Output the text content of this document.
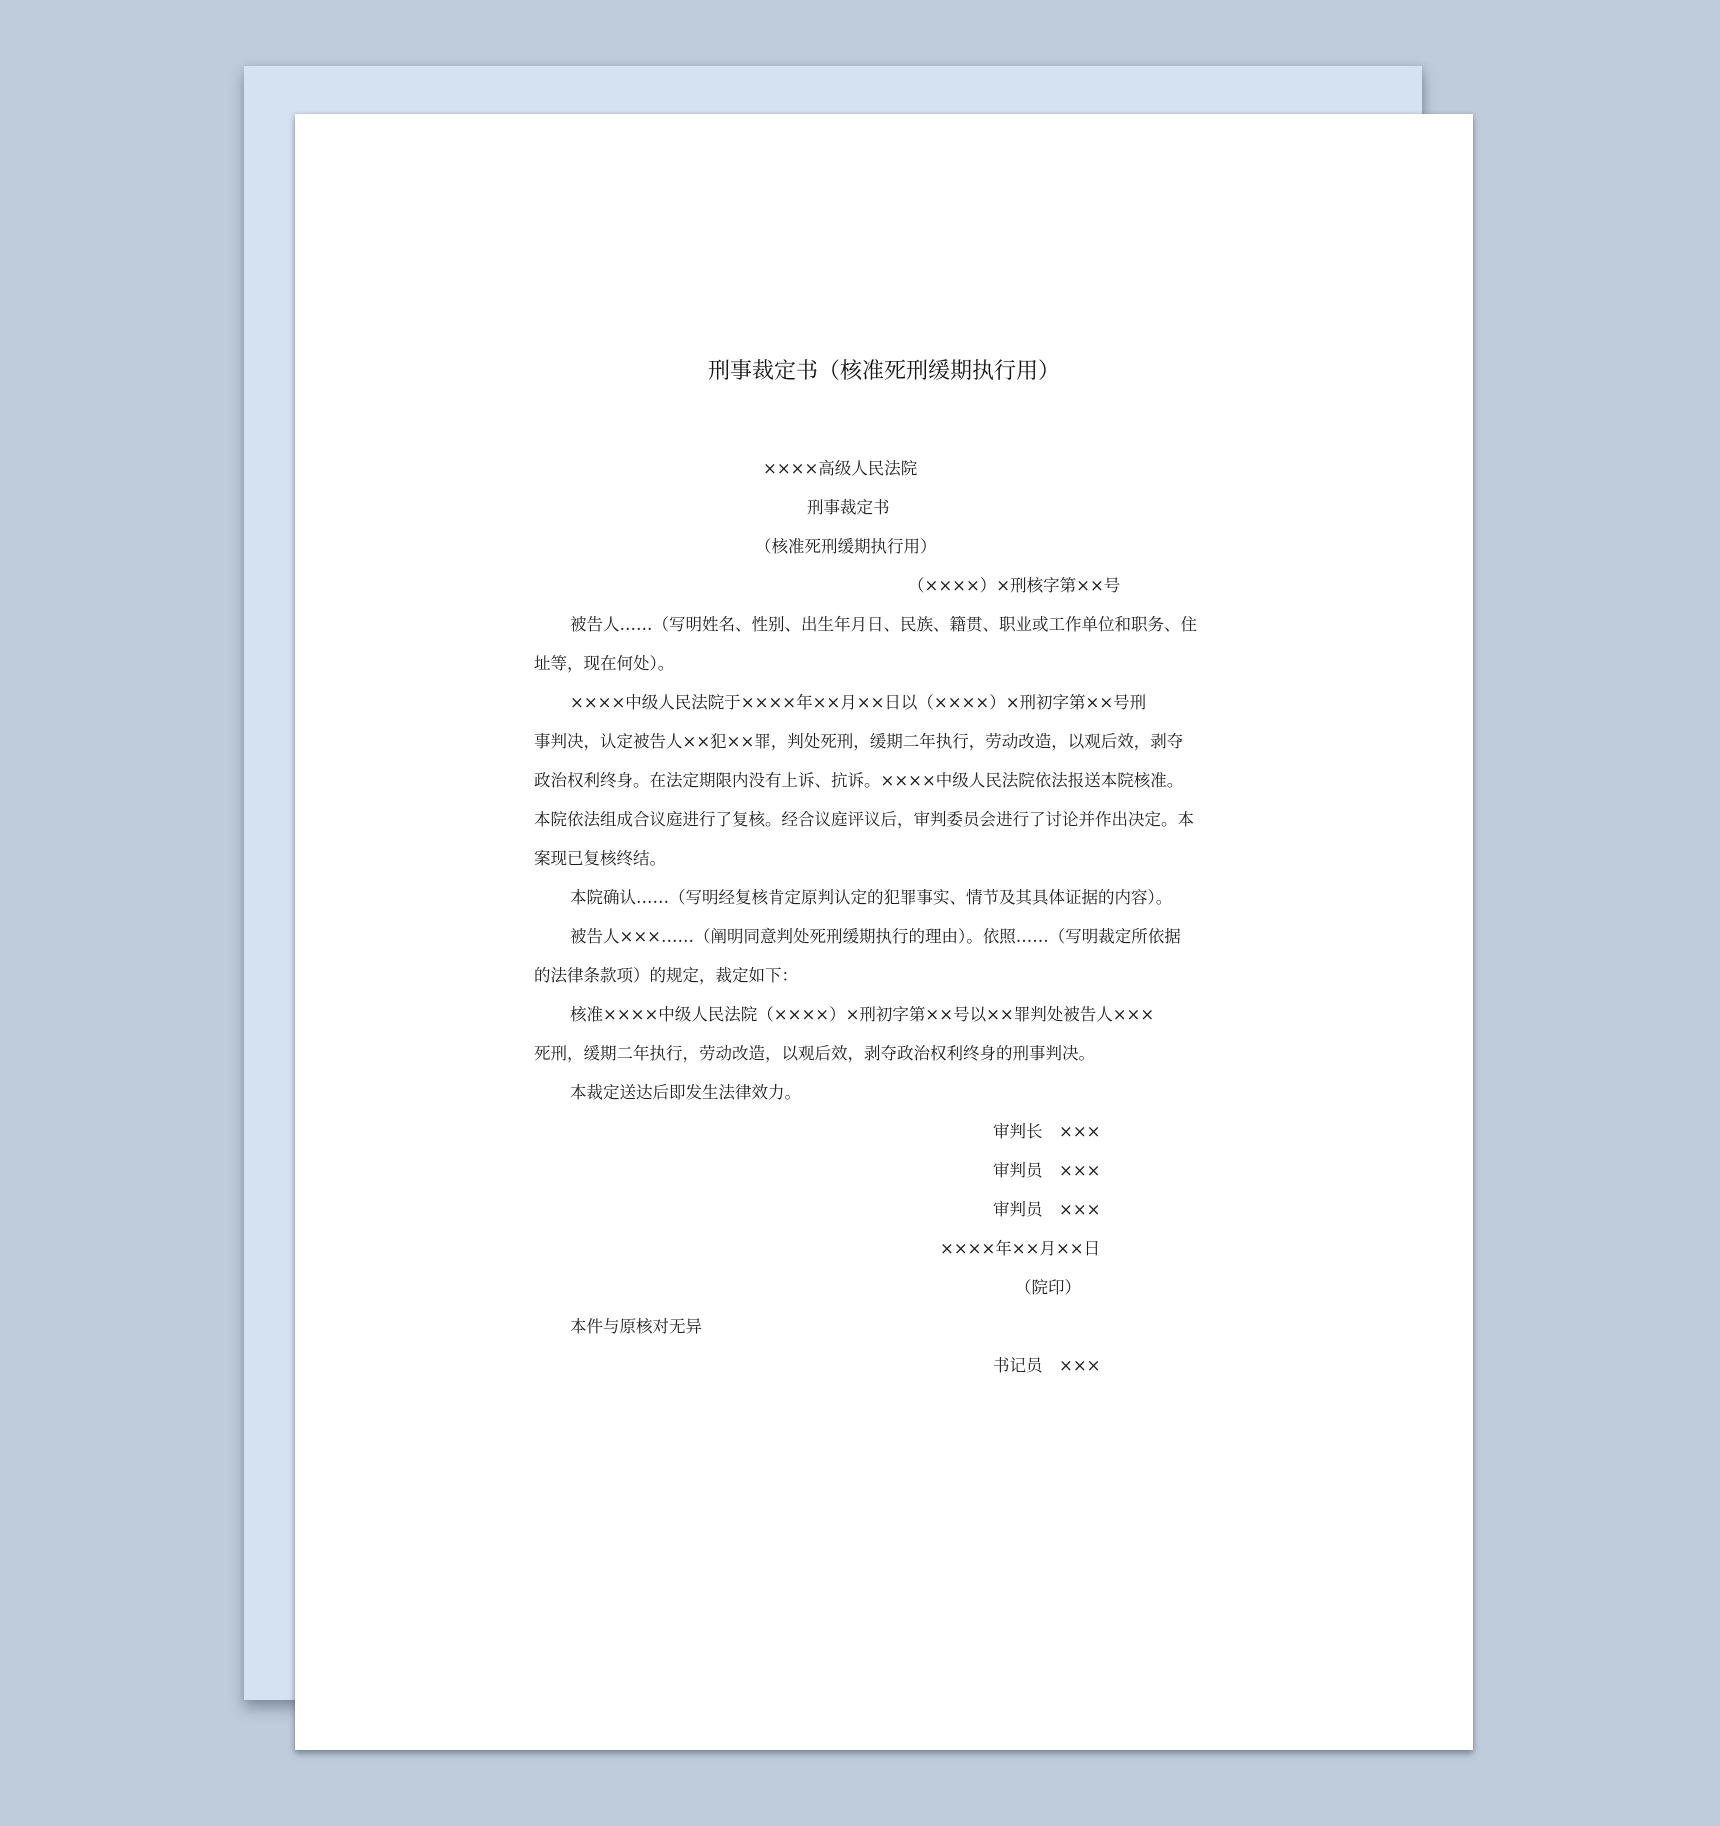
刑事裁定书（核准死刑缓期执行用）
××××高级人民法院
刑事裁定书
（核准死刑缓期执行用）
（××××）×刑核字第××号
被告人……（写明姓名、性别、出生年月日、民族、籍贯、职业或工作单位和职务、住
址等，现在何处）。
××××中级人民法院于××××年××月××日以（××××）×刑初字第××号刑
事判决，认定被告人××犯××罪，判处死刑，缓期二年执行，劳动改造，以观后效，剥夺
政治权利终身。在法定期限内没有上诉、抗诉。××××中级人民法院依法报送本院核准。
本院依法组成合议庭进行了复核。经合议庭评议后，审判委员会进行了讨论并作出决定。本
案现已复核终结。
本院确认……（写明经复核肯定原判认定的犯罪事实、情节及其具体证据的内容）。
被告人×××……（阐明同意判处死刑缓期执行的理由）。依照……（写明裁定所依据
的法律条款项）的规定，裁定如下：
核准××××中级人民法院（××××）×刑初字第××号以××罪判处被告人×××
死刑，缓期二年执行，劳动改造，以观后效，剥夺政治权利终身的刑事判决。
本裁定送达后即发生法律效力。
审判长　×××
审判员　×××
审判员　×××
××××年××月××日
（院印）
本件与原核对无异
书记员　×××
